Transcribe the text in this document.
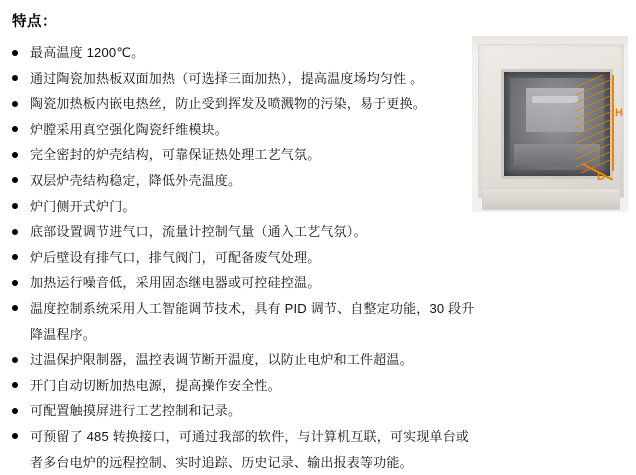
特点：
最高温度 1200℃。
通过陶瓷加热板双面加热（可选择三面加热），提高温度场均匀性 。
陶瓷加热板内嵌电热丝，防止受到挥发及喷溅物的污染，易于更换。
炉膛采用真空强化陶瓷纤维模块。
完全密封的炉壳结构，可靠保证热处理工艺气氛。
双层炉壳结构稳定，降低外壳温度。
炉门侧开式炉门。
底部设置调节进气口，流量计控制气量（通入工艺气氛）。
炉后壁设有排气口，排气阀门，可配备废气处理。
加热运行噪音低，采用固态继电器或可控硅控温。
温度控制系统采用人工智能调节技术，具有 PID 调节、自整定功能，30 段升降温程序。
过温保护限制器，温控表调节断开温度，以防止电炉和工件超温。
开门自动切断加热电源，提高操作安全性。
可配置触摸屏进行工艺控制和记录。
可预留了 485 转换接口，可通过我部的软件，与计算机互联，可实现单台或者多台电炉的远程控制、实时追踪、历史记录、输出报表等功能。
H
D
